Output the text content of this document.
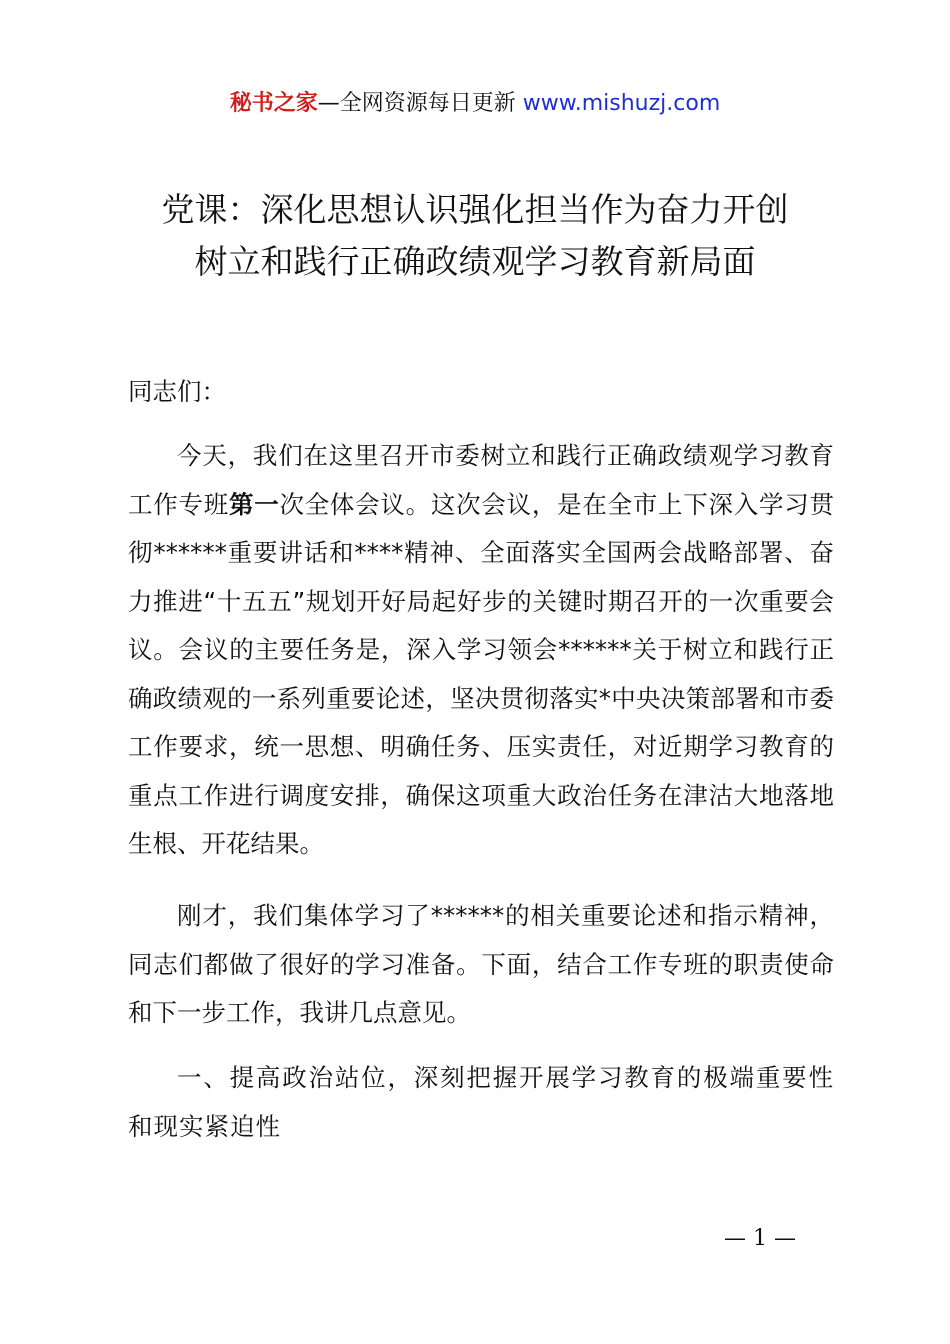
秘书之家—全网资源每日更新 www.mishuzj.com
党课：深化思想认识强化担当作为奋力开创
树立和践行正确政绩观学习教育新局面

同志们：

今天，我们在这里召开市委树立和践行正确政绩观学习教育工作专班第一次全体会议。这次会议，是在全市上下深入学习贯彻******重要讲话和****精神、全面落实全国两会战略部署、奋力推进“十五五”规划开好局起好步的关键时期召开的一次重要会议。会议的主要任务是，深入学习领会******关于树立和践行正确政绩观的一系列重要论述，坚决贯彻落实*中央决策部署和市委工作要求，统一思想、明确任务、压实责任，对近期学习教育的重点工作进行调度安排，确保这项重大政治任务在津沽大地落地生根、开花结果。

刚才，我们集体学习了******的相关重要论述和指示精神，同志们都做了很好的学习准备。下面，结合工作专班的职责使命和下一步工作，我讲几点意见。

一、提高政治站位，深刻把握开展学习教育的极端重要性和现实紧迫性

— 1 —
